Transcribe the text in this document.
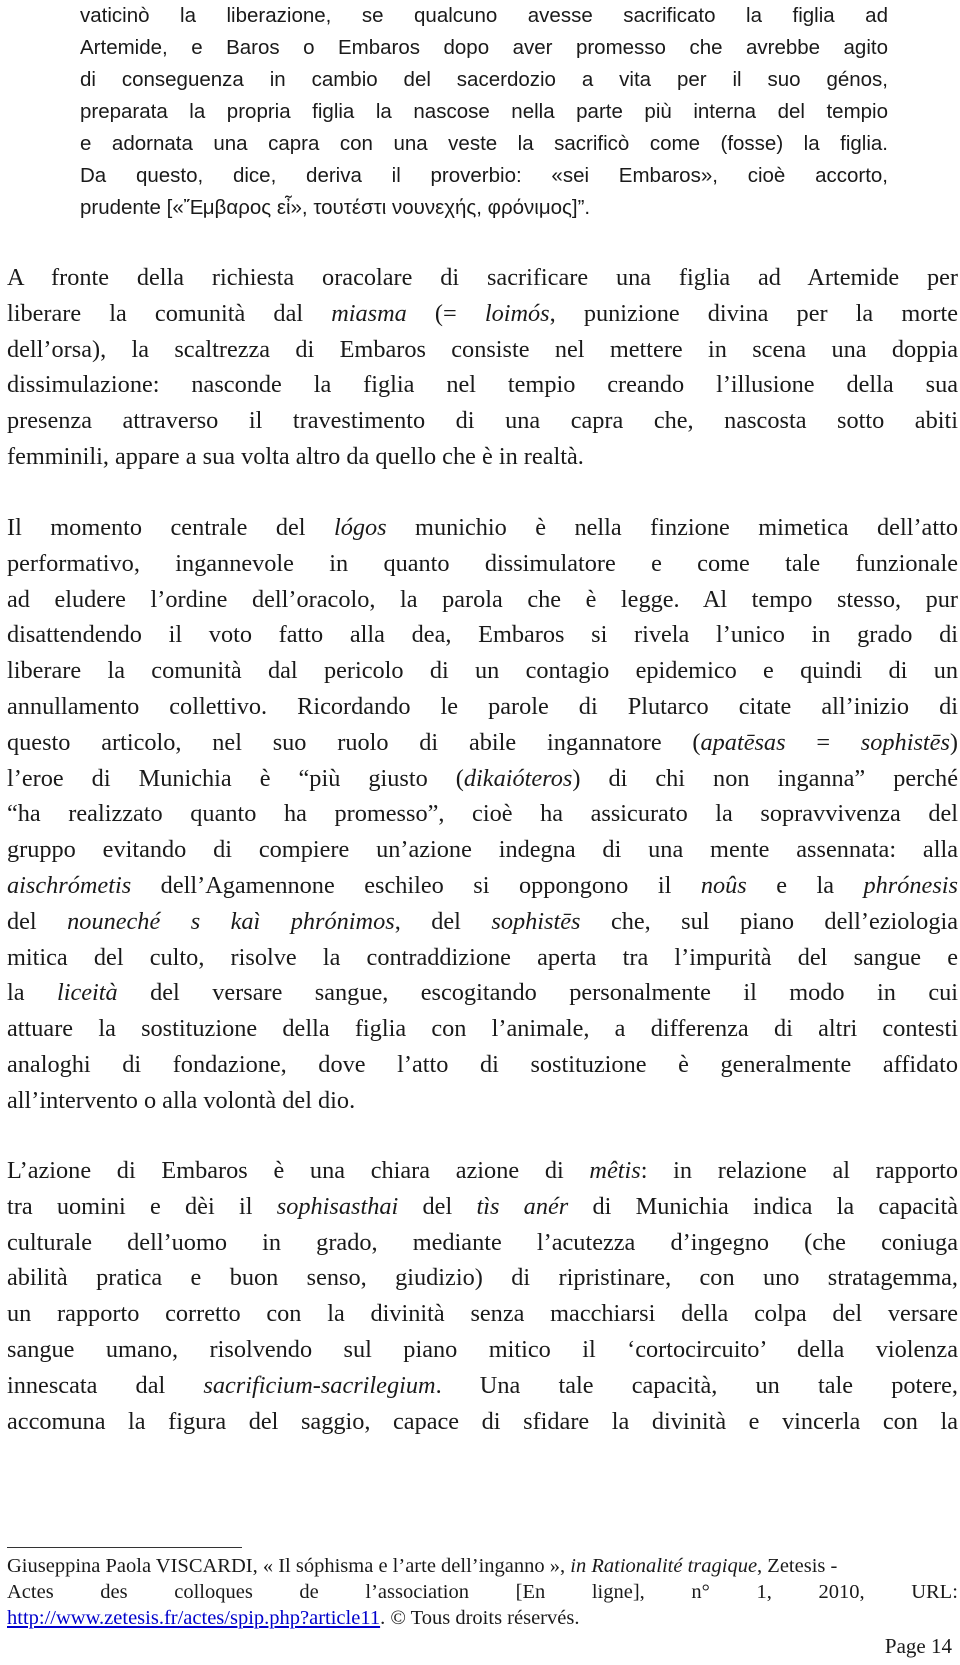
vaticinò la liberazione, se qualcuno avesse sacrificato la figlia ad
Artemide, e Baros o Embaros dopo aver promesso che avrebbe agito
di conseguenza in cambio del sacerdozio a vita per il suo génos,
preparata la propria figlia la nascose nella parte più interna del tempio
e adornata una capra con una veste la sacrificò come (fosse) la figlia.
Da questo, dice, deriva il proverbio: «sei Embaros», cioè accorto,
prudente [«Ἔμβαρος εἶ», τουτέστι νουνεχής, φρόνιμος]”.
A fronte della richiesta oracolare di sacrificare una figlia ad Artemide per
liberare la comunità dal miasma (= loimós, punizione divina per la morte
dell’orsa), la scaltrezza di Embaros consiste nel mettere in scena una doppia
dissimulazione: nasconde la figlia nel tempio creando l’illusione della sua
presenza attraverso il travestimento di una capra che, nascosta sotto abiti
femminili, appare a sua volta altro da quello che è in realtà.
Il momento centrale del lógos munichio è nella finzione mimetica dell’atto
performativo, ingannevole in quanto dissimulatore e come tale funzionale
ad eludere l’ordine dell’oracolo, la parola che è legge. Al tempo stesso, pur
disattendendo il voto fatto alla dea, Embaros si rivela l’unico in grado di
liberare la comunità dal pericolo di un contagio epidemico e quindi di un
annullamento collettivo. Ricordando le parole di Plutarco citate all’inizio di
questo articolo, nel suo ruolo di abile ingannatore (apatēsas = sophistēs)
l’eroe di Munichia è “più giusto (dikaióteros) di chi non inganna” perché
“ha realizzato quanto ha promesso”, cioè ha assicurato la sopravvivenza del
gruppo evitando di compiere un’azione indegna di una mente assennata: alla
aischrómetis dell’Agamennone eschileo si oppongono il noûs e la phrónesis
del nouneché s kaì phrónimos, del sophistēs che, sul piano dell’eziologia
mitica del culto, risolve la contraddizione aperta tra l’impurità del sangue e
la liceità del versare sangue, escogitando personalmente il modo in cui
attuare la sostituzione della figlia con l’animale, a differenza di altri contesti
analoghi di fondazione, dove l’atto di sostituzione è generalmente affidato
all’intervento o alla volontà del dio.
L’azione di Embaros è una chiara azione di mêtis: in relazione al rapporto
tra uomini e dèi il sophisasthai del tìs anér di Munichia indica la capacità
culturale dell’uomo in grado, mediante l’acutezza d’ingegno (che coniuga
abilità pratica e buon senso, giudizio) di ripristinare, con uno stratagemma,
un rapporto corretto con la divinità senza macchiarsi della colpa del versare
sangue umano, risolvendo sul piano mitico il ‘cortocircuito’ della violenza
innescata dal sacrificium-sacrilegium. Una tale capacità, un tale potere,
accomuna la figura del saggio, capace di sfidare la divinità e vincerla con la
Giuseppina Paola VISCARDI, « Il sóphisma e l’arte dell’inganno », in Rationalité tragique, Zetesis -
Actes des colloques de l’association [En ligne], n° 1, 2010, URL:
http://www.zetesis.fr/actes/spip.php?article11. © Tous droits réservés.
Page 14
